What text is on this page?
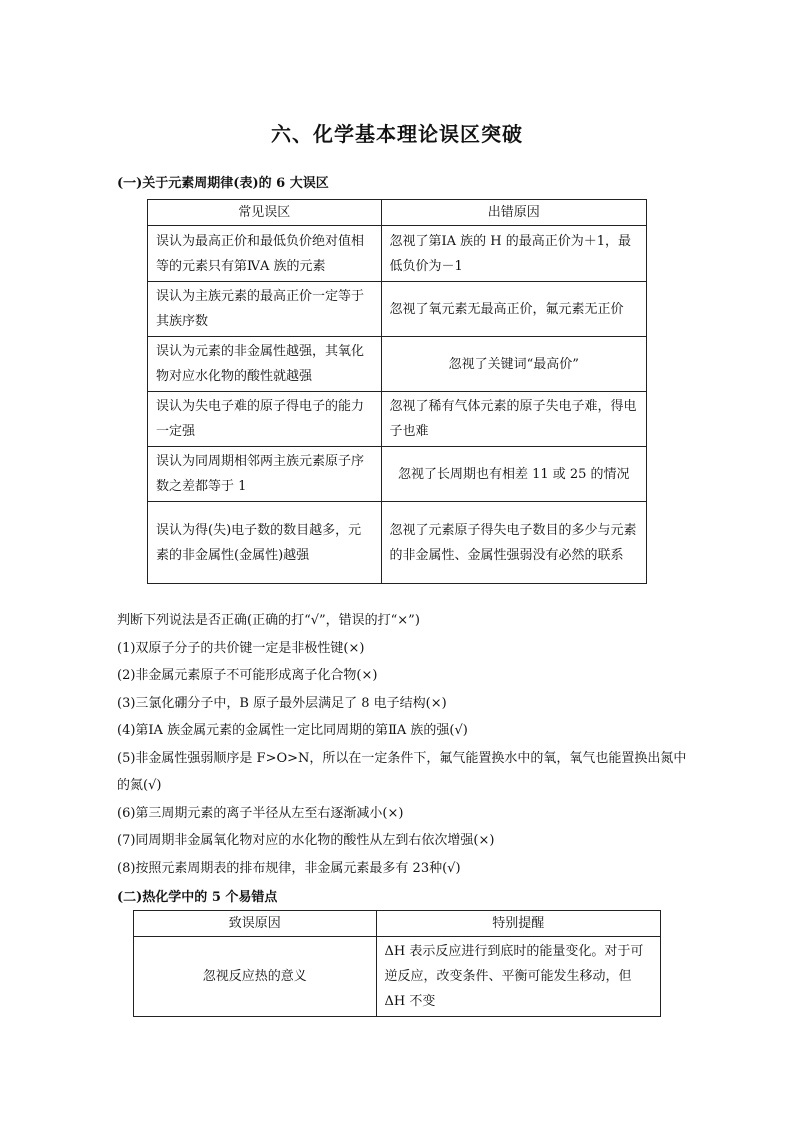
六、化学基本理论误区突破
(一)关于元素周期律(表)的 6 大误区
常见误区	出错原因
误认为最高正价和最低负价绝对值相等的元素只有第ⅣA 族的元素	忽视了第ⅠA 族的 H 的最高正价为＋1，最低负价为－1
误认为主族元素的最高正价一定等于其族序数	忽视了氧元素无最高正价，氟元素无正价
误认为元素的非金属性越强，其氧化物对应水化物的酸性就越强	忽视了关键词“最高价”
误认为失电子难的原子得电子的能力一定强	忽视了稀有气体元素的原子失电子难，得电子也难
误认为同周期相邻两主族元素原子序数之差都等于 1	忽视了长周期也有相差 11 或 25 的情况
误认为得(失)电子数的数目越多，元素的非金属性(金属性)越强	忽视了元素原子得失电子数目的多少与元素的非金属性、金属性强弱没有必然的联系

判断下列说法是否正确(正确的打“√”，错误的打“×”)

(1)双原子分子的共价键一定是非极性键(×)

(2)非金属元素原子不可能形成离子化合物(×)

(3)三氯化硼分子中，B 原子最外层满足了 8 电子结构(×)

(4)第ⅠA 族金属元素的金属性一定比同周期的第ⅡA 族的强(√)

(5)非金属性强弱顺序是 F>O>N，所以在一定条件下，氟气能置换水中的氧，氧气也能置换出氮中的氮(√)

(6)第三周期元素的离子半径从左至右逐渐减小(×)

(7)同周期非金属氧化物对应的水化物的酸性从左到右依次增强(×)

(8)按照元素周期表的排布规律，非金属元素最多有 23种(√)

(二)热化学中的 5 个易错点
致误原因	特别提醒
忽视反应热的意义	ΔH 表示反应进行到底时的能量变化。对于可逆反应，改变条件、平衡可能发生移动，但 ΔH 不变
